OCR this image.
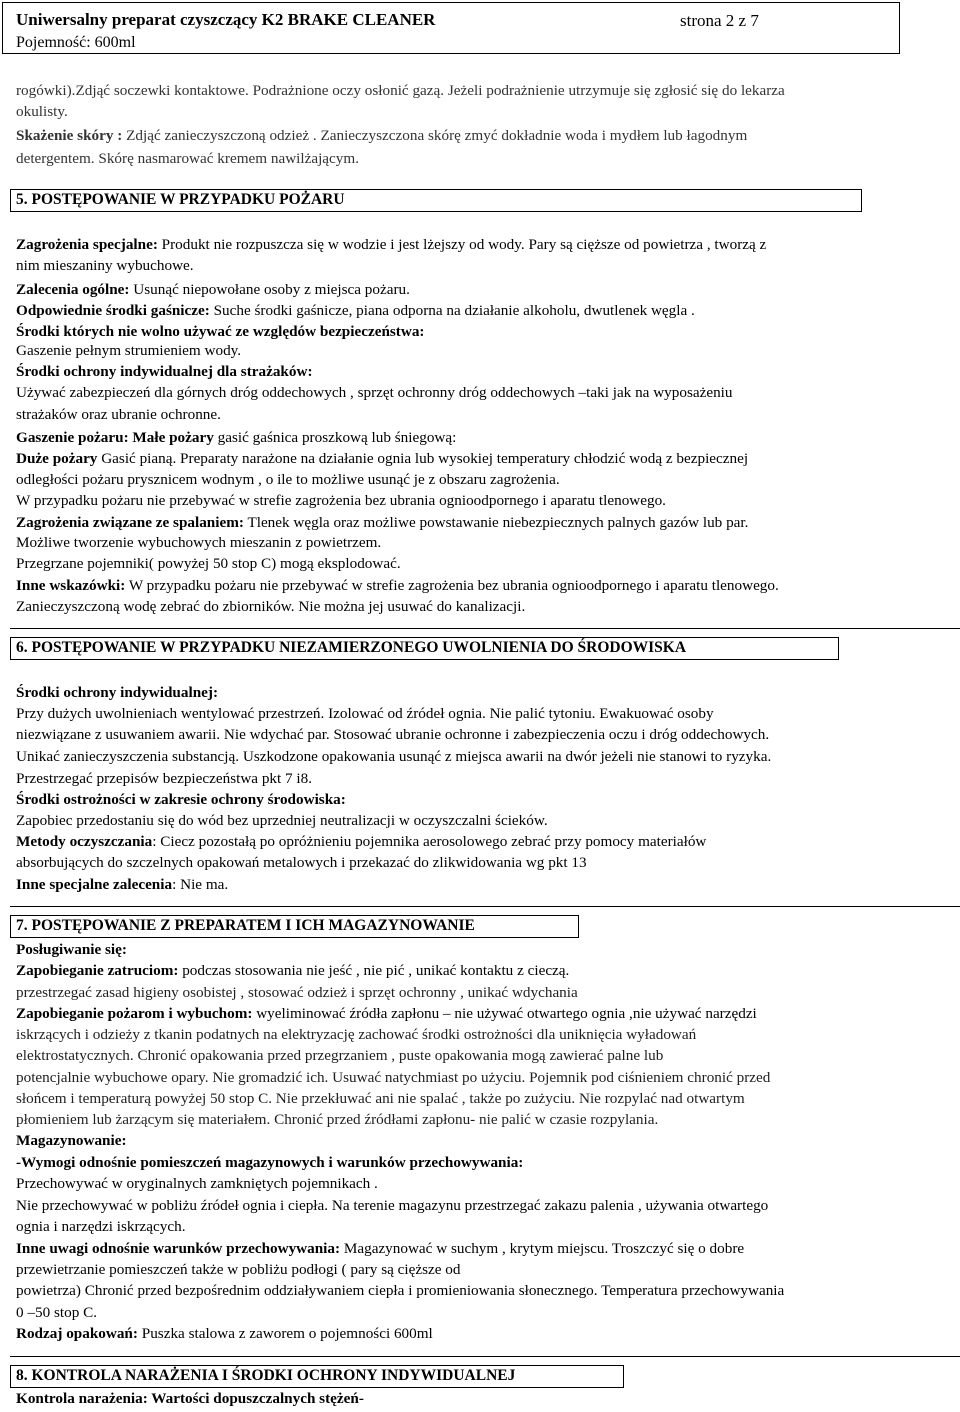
Uniwersalny preparat czyszczący K2 BRAKE CLEANER
Pojemność: 600ml
strona 2 z 7
rogówki).Zdjąć soczewki kontaktowe. Podrażnione oczy osłonić gazą. Jeżeli podrażnienie utrzymuje się zgłosić się do lekarza
okulisty.
Skażenie skóry : Zdjąć zanieczyszczoną odzież . Zanieczyszczona skórę zmyć dokładnie woda i mydłem lub łagodnym
detergentem. Skórę nasmarować kremem nawilżającym.
5. POSTĘPOWANIE W PRZYPADKU POŻARU
Zagrożenia specjalne: Produkt nie rozpuszcza się w wodzie i jest lżejszy od wody. Pary są cięższe od powietrza , tworzą z
nim mieszaniny wybuchowe.
Zalecenia ogólne: Usunąć niepowołane osoby z miejsca pożaru.
Odpowiednie środki gaśnicze: Suche środki gaśnicze, piana odporna na działanie alkoholu, dwutlenek węgla .
Środki których nie wolno używać ze względów bezpieczeństwa:
Gaszenie pełnym strumieniem wody.
Środki ochrony indywidualnej dla strażaków:
Używać zabezpieczeń dla górnych dróg oddechowych , sprzęt ochronny dróg oddechowych –taki jak na wyposażeniu
strażaków oraz ubranie ochronne.
Gaszenie pożaru: Małe pożary gasić gaśnica proszkową lub śniegową:
Duże pożary Gasić pianą. Preparaty narażone na działanie ognia lub wysokiej temperatury chłodzić wodą z bezpiecznej
odległości pożaru prysznicem wodnym , o ile to możliwe usunąć je z obszaru zagrożenia.
W przypadku pożaru nie przebywać w strefie zagrożenia bez ubrania ognioodpornego i aparatu tlenowego.
Zagrożenia związane ze spalaniem: Tlenek węgla oraz możliwe powstawanie niebezpiecznych palnych gazów lub par.
Możliwe tworzenie wybuchowych mieszanin z powietrzem.
Przegrzane pojemniki( powyżej 50 stop C) mogą eksplodować.
Inne wskazówki: W przypadku pożaru nie przebywać w strefie zagrożenia bez ubrania ognioodpornego i aparatu tlenowego.
Zanieczyszczoną wodę zebrać do zbiorników. Nie można jej usuwać do kanalizacji.
6. POSTĘPOWANIE W PRZYPADKU NIEZAMIERZONEGO UWOLNIENIA DO ŚRODOWISKA
Środki ochrony indywidualnej:
Przy dużych uwolnieniach wentylować przestrzeń. Izolować od źródeł ognia. Nie palić tytoniu. Ewakuować osoby
niezwiązane z usuwaniem awarii. Nie wdychać par. Stosować ubranie ochronne i zabezpieczenia oczu i dróg oddechowych.
Unikać zanieczyszczenia substancją. Uszkodzone opakowania usunąć z miejsca awarii na dwór jeżeli nie stanowi to ryzyka.
Przestrzegać przepisów bezpieczeństwa pkt 7 i8.
Środki ostrożności w zakresie ochrony środowiska:
Zapobiec przedostaniu się do wód bez uprzedniej neutralizacji w oczyszczalni ścieków.
Metody oczyszczania: Ciecz pozostałą po opróżnieniu pojemnika aerosolowego zebrać przy pomocy materiałów
absorbujących do szczelnych opakowań metalowych i przekazać do zlikwidowania wg pkt 13
Inne specjalne zalecenia: Nie ma.
7. POSTĘPOWANIE Z PREPARATEM I ICH MAGAZYNOWANIE
Posługiwanie się:
Zapobieganie zatruciom: podczas stosowania nie jeść , nie pić , unikać kontaktu z cieczą.
przestrzegać zasad higieny osobistej , stosować odzież i sprzęt ochronny , unikać wdychania
Zapobieganie pożarom i wybuchom: wyeliminować źródła zapłonu – nie używać otwartego ognia ,nie używać narzędzi
iskrzących i odzieży z tkanin podatnych na elektryzację zachować środki ostrożności dla uniknięcia wyładowań
elektrostatycznych. Chronić opakowania przed przegrzaniem , puste opakowania mogą zawierać palne lub
potencjalnie wybuchowe opary. Nie gromadzić ich. Usuwać natychmiast po użyciu. Pojemnik pod ciśnieniem chronić przed
słońcem i temperaturą powyżej 50 stop C. Nie przekłuwać ani nie spalać , także po zużyciu. Nie rozpylać nad otwartym
płomieniem lub żarzącym się materiałem. Chronić przed źródłami zapłonu- nie palić w czasie rozpylania.
Magazynowanie:
-Wymogi odnośnie pomieszczeń magazynowych i warunków przechowywania:
Przechowywać w oryginalnych zamkniętych pojemnikach .
Nie przechowywać w pobliżu źródeł ognia i ciepła. Na terenie magazynu przestrzegać zakazu palenia , używania otwartego
ognia i narzędzi iskrzących.
Inne uwagi odnośnie warunków przechowywania: Magazynować w suchym , krytym miejscu. Troszczyć się o dobre
przewietrzanie pomieszczeń także w pobliżu podłogi ( pary są cięższe od
powietrza) Chronić przed bezpośrednim oddziaływaniem ciepła i promieniowania słonecznego. Temperatura przechowywania
0 –50 stop C.
Rodzaj opakowań: Puszka stalowa z zaworem o pojemności 600ml
8. KONTROLA NARAŻENIA I ŚRODKI OCHRONY INDYWIDUALNEJ
Kontrola narażenia: Wartości dopuszczalnych stężeń-
